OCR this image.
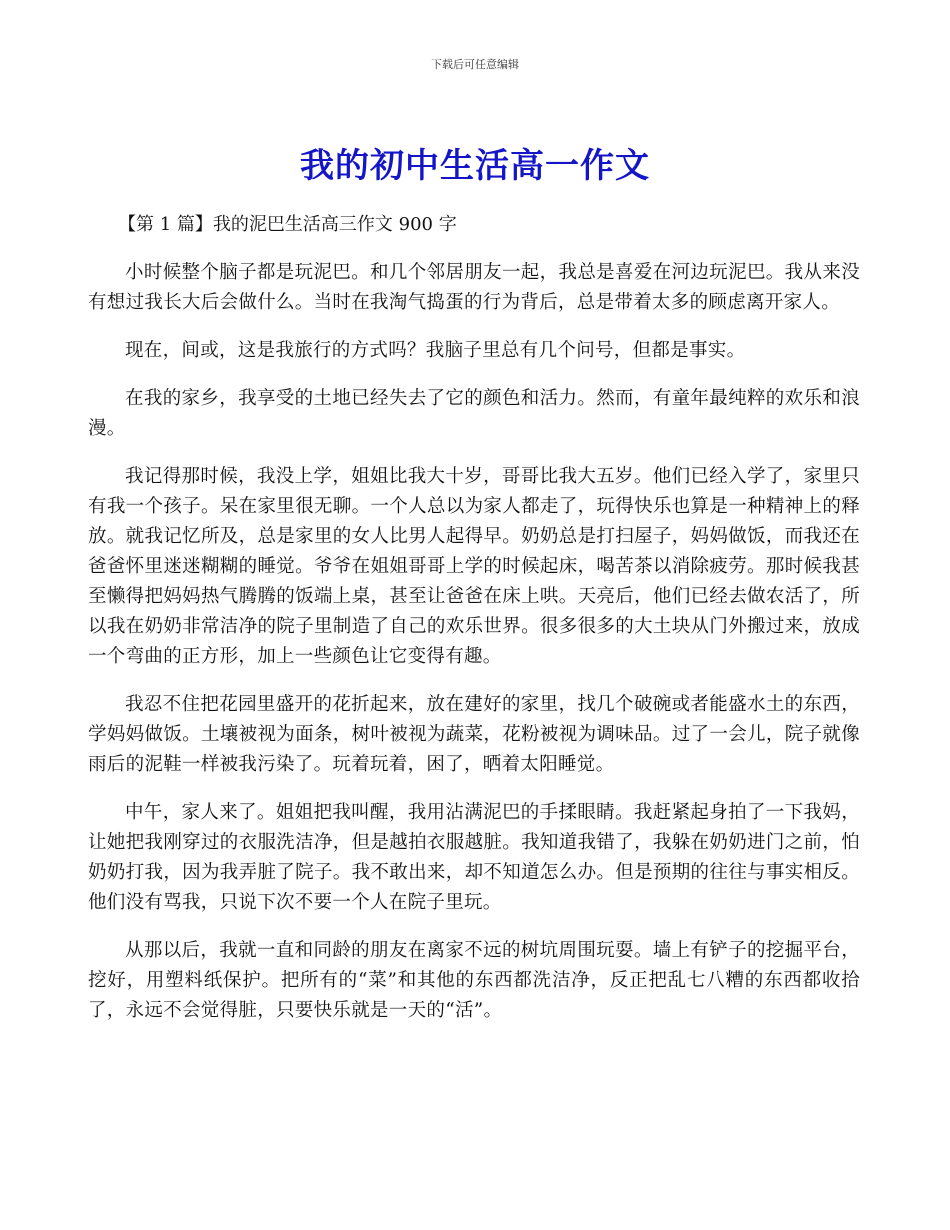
下载后可任意编辑
我的初中生活高一作文

【第 1 篇】我的泥巴生活高三作文 900 字

小时候整个脑子都是玩泥巴。和几个邻居朋友一起，我总是喜爱在河边玩泥巴。我从来没有想过我长大后会做什么。当时在我淘气捣蛋的行为背后，总是带着太多的顾虑离开家人。

现在，间或，这是我旅行的方式吗？我脑子里总有几个问号，但都是事实。

在我的家乡，我享受的土地已经失去了它的颜色和活力。然而，有童年最纯粹的欢乐和浪漫。

我记得那时候，我没上学，姐姐比我大十岁，哥哥比我大五岁。他们已经入学了，家里只有我一个孩子。呆在家里很无聊。一个人总以为家人都走了，玩得快乐也算是一种精神上的释放。就我记忆所及，总是家里的女人比男人起得早。奶奶总是打扫屋子，妈妈做饭，而我还在爸爸怀里迷迷糊糊的睡觉。爷爷在姐姐哥哥上学的时候起床，喝苦茶以消除疲劳。那时候我甚至懒得把妈妈热气腾腾的饭端上桌，甚至让爸爸在床上哄。天亮后，他们已经去做农活了，所以我在奶奶非常洁净的院子里制造了自己的欢乐世界。很多很多的大土块从门外搬过来，放成一个弯曲的正方形，加上一些颜色让它变得有趣。

我忍不住把花园里盛开的花折起来，放在建好的家里，找几个破碗或者能盛水土的东西，学妈妈做饭。土壤被视为面条，树叶被视为蔬菜，花粉被视为调味品。过了一会儿，院子就像雨后的泥鞋一样被我污染了。玩着玩着，困了，晒着太阳睡觉。

中午，家人来了。姐姐把我叫醒，我用沾满泥巴的手揉眼睛。我赶紧起身拍了一下我妈，让她把我刚穿过的衣服洗洁净，但是越拍衣服越脏。我知道我错了，我躲在奶奶进门之前，怕奶奶打我，因为我弄脏了院子。我不敢出来，却不知道怎么办。但是预期的往往与事实相反。他们没有骂我，只说下次不要一个人在院子里玩。

从那以后，我就一直和同龄的朋友在离家不远的树坑周围玩耍。墙上有铲子的挖掘平台，挖好，用塑料纸保护。把所有的“菜”和其他的东西都洗洁净，反正把乱七八糟的东西都收拾了，永远不会觉得脏，只要快乐就是一天的“活”。
